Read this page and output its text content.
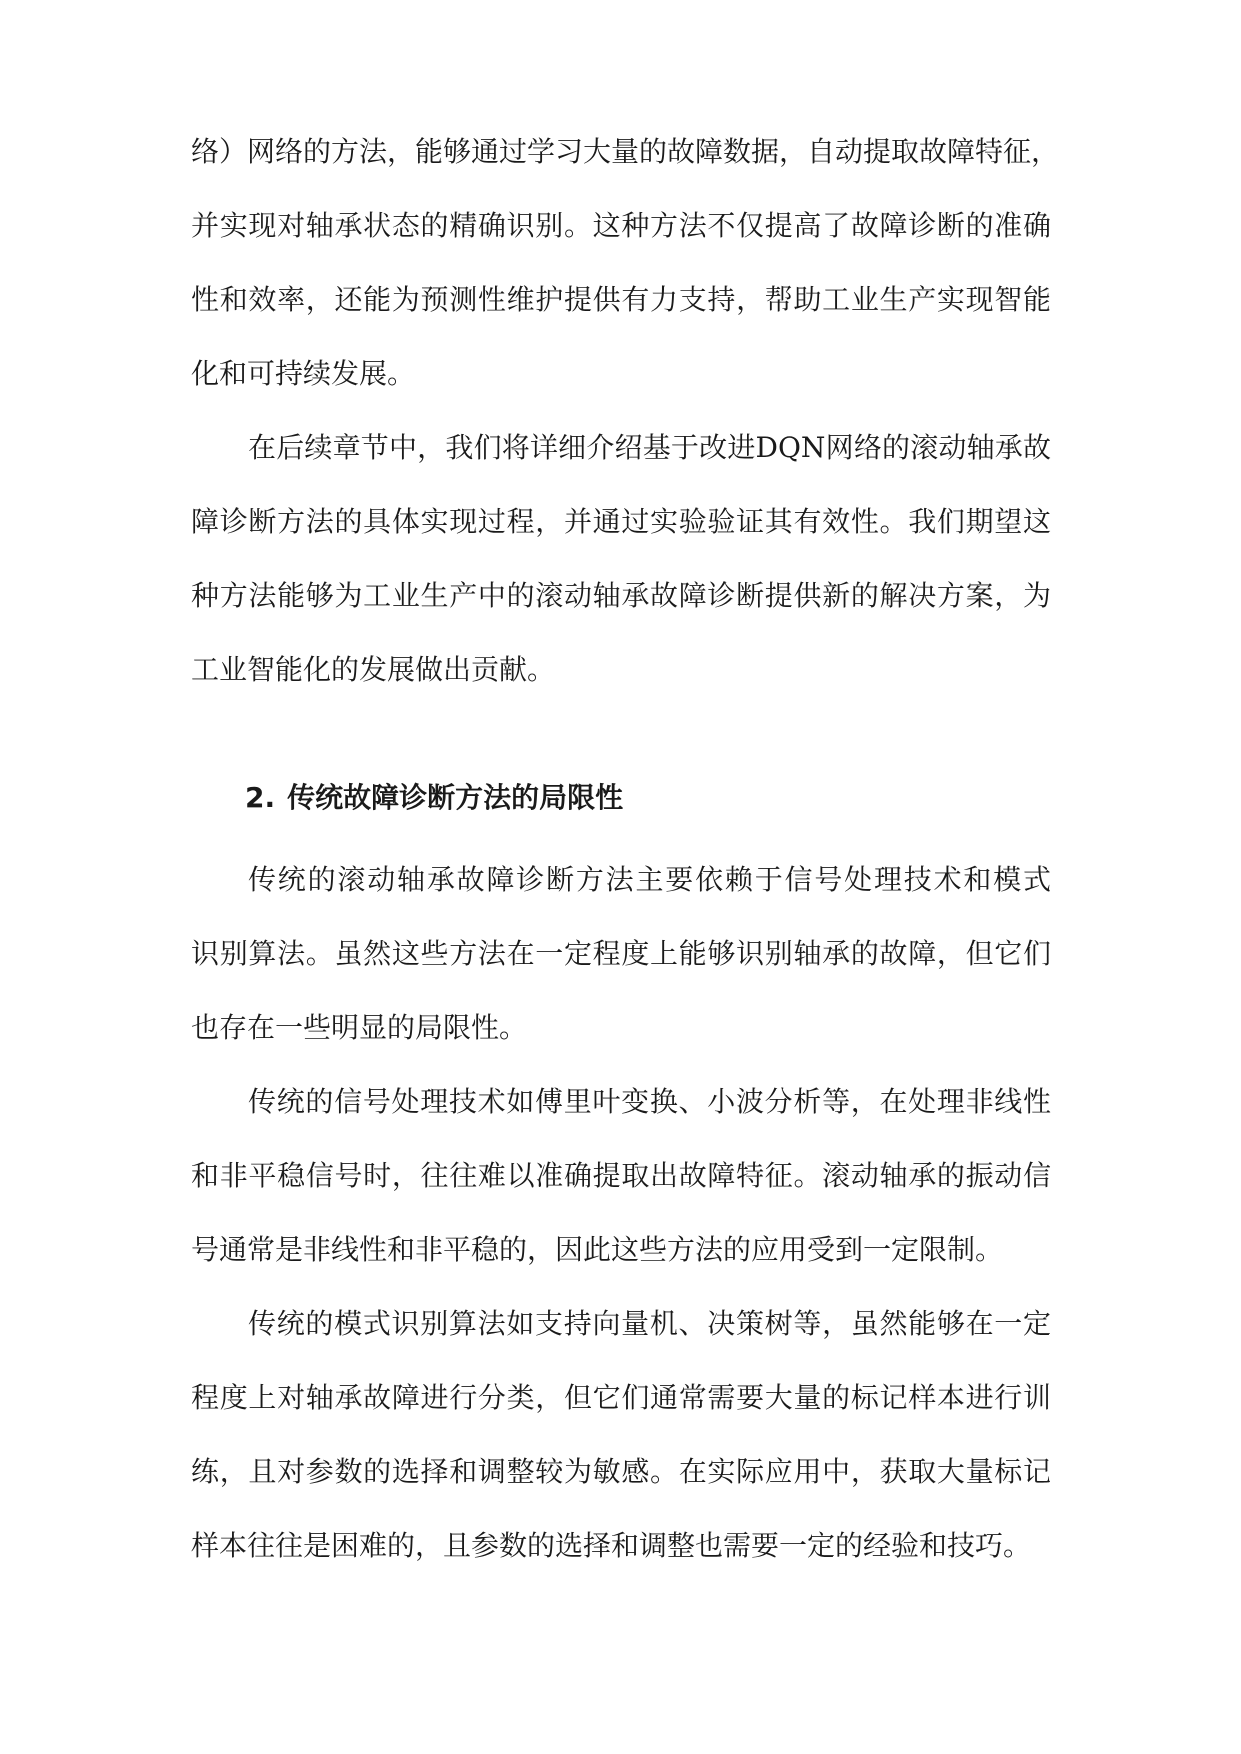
络）网络的方法，能够通过学习大量的故障数据，自动提取故障特征，
并实现对轴承状态的精确识别。这种方法不仅提高了故障诊断的准确
性和效率，还能为预测性维护提供有力支持，帮助工业生产实现智能
化和可持续发展。
在后续章节中，我们将详细介绍基于改进DQN网络的滚动轴承故
障诊断方法的具体实现过程，并通过实验验证其有效性。我们期望这
种方法能够为工业生产中的滚动轴承故障诊断提供新的解决方案，为
工业智能化的发展做出贡献。
2. 传统故障诊断方法的局限性
传统的滚动轴承故障诊断方法主要依赖于信号处理技术和模式
识别算法。虽然这些方法在一定程度上能够识别轴承的故障，但它们
也存在一些明显的局限性。
传统的信号处理技术如傅里叶变换、小波分析等，在处理非线性
和非平稳信号时，往往难以准确提取出故障特征。滚动轴承的振动信
号通常是非线性和非平稳的，因此这些方法的应用受到一定限制。
传统的模式识别算法如支持向量机、决策树等，虽然能够在一定
程度上对轴承故障进行分类，但它们通常需要大量的标记样本进行训
练，且对参数的选择和调整较为敏感。在实际应用中，获取大量标记
样本往往是困难的，且参数的选择和调整也需要一定的经验和技巧。
